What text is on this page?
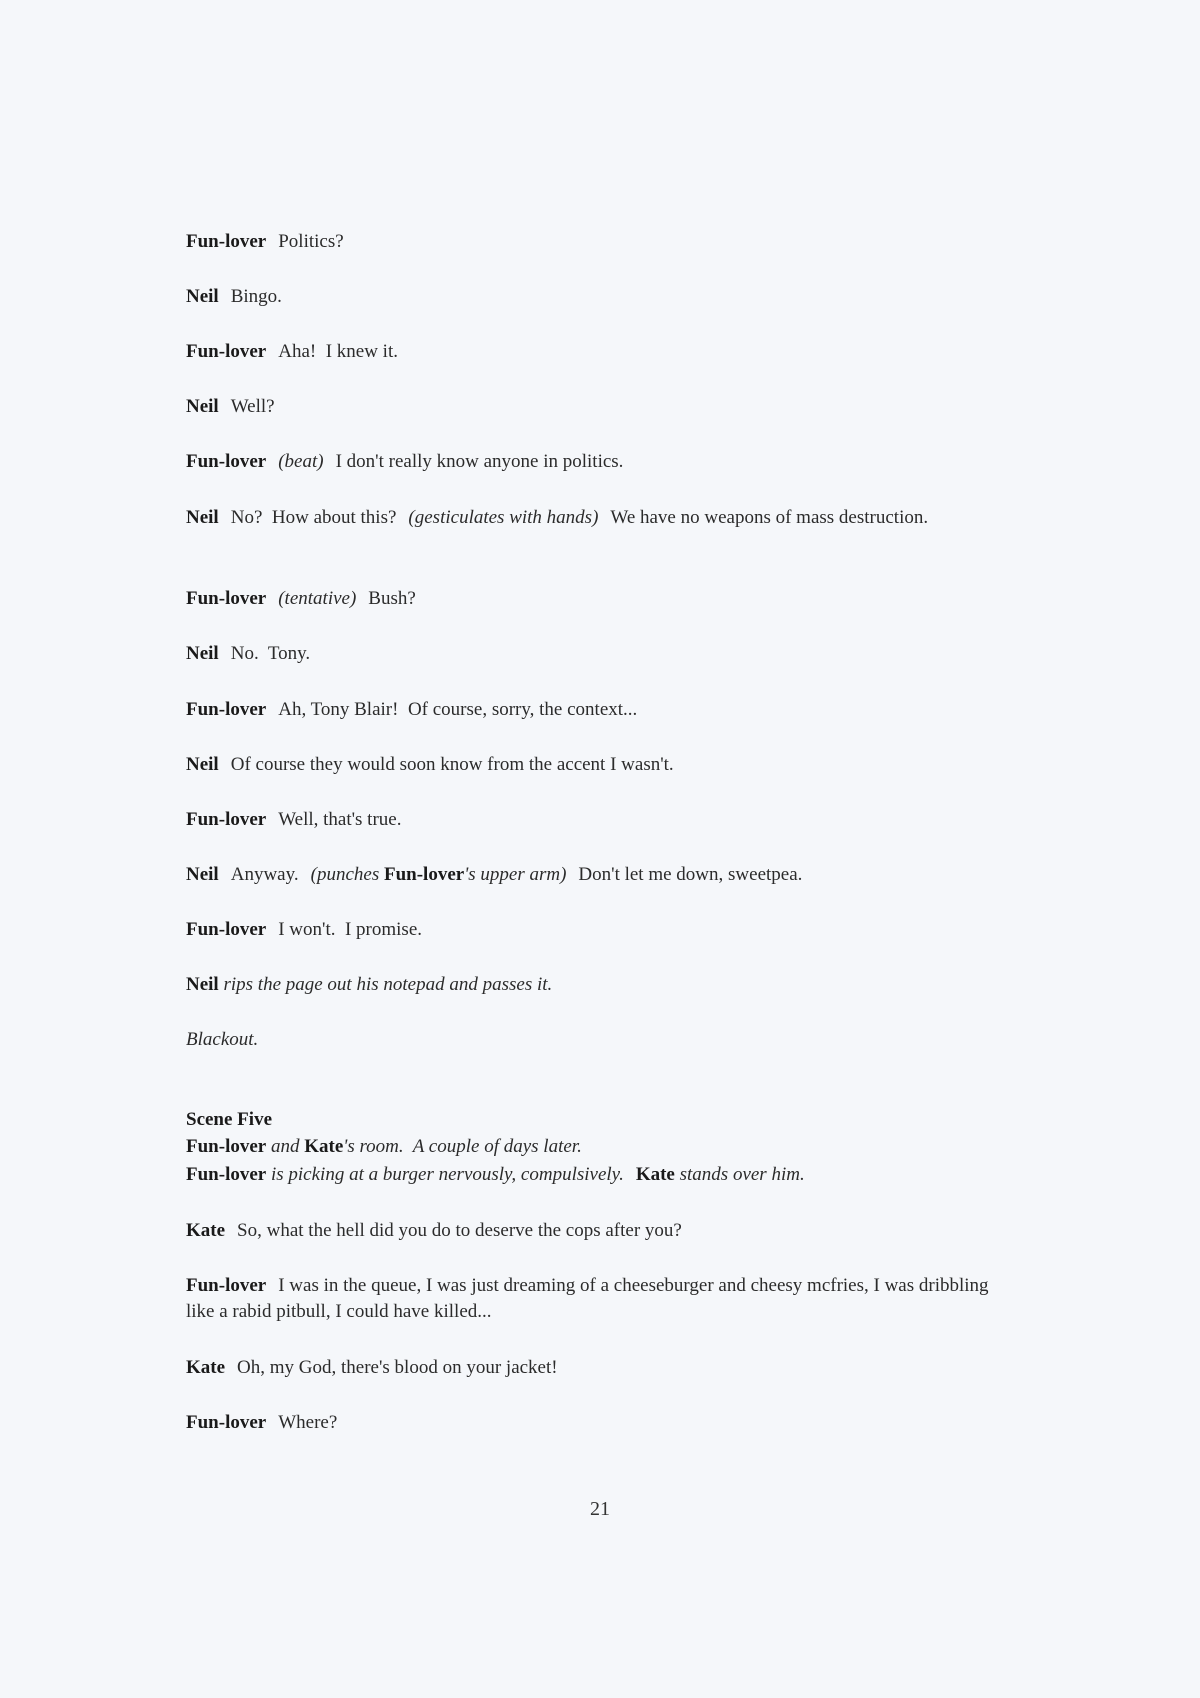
Fun-lover Politics?
Neil Bingo.
Fun-lover Aha!  I knew it.
Neil Well?
Fun-lover (beat) I don't really know anyone in politics.
Neil No?  How about this? (gesticulates with hands) We have no weapons of mass destruction.
Fun-lover (tentative) Bush?
Neil No.  Tony.
Fun-lover Ah, Tony Blair!  Of course, sorry, the context...
Neil Of course they would soon know from the accent I wasn't.
Fun-lover Well, that's true.
Neil Anyway. (punches Fun-lover's upper arm) Don't let me down, sweetpea.
Fun-lover I won't.  I promise.
Neil rips the page out his notepad and passes it.
Blackout.
Scene Five
Fun-lover and Kate's room.  A couple of days later.
Fun-lover is picking at a burger nervously, compulsively. Kate stands over him.
Kate So, what the hell did you do to deserve the cops after you?
Fun-lover I was in the queue, I was just dreaming of a cheeseburger and cheesy mcfries, I was dribbling like a rabid pitbull, I could have killed...
Kate Oh, my God, there's blood on your jacket!
Fun-lover Where?
21
